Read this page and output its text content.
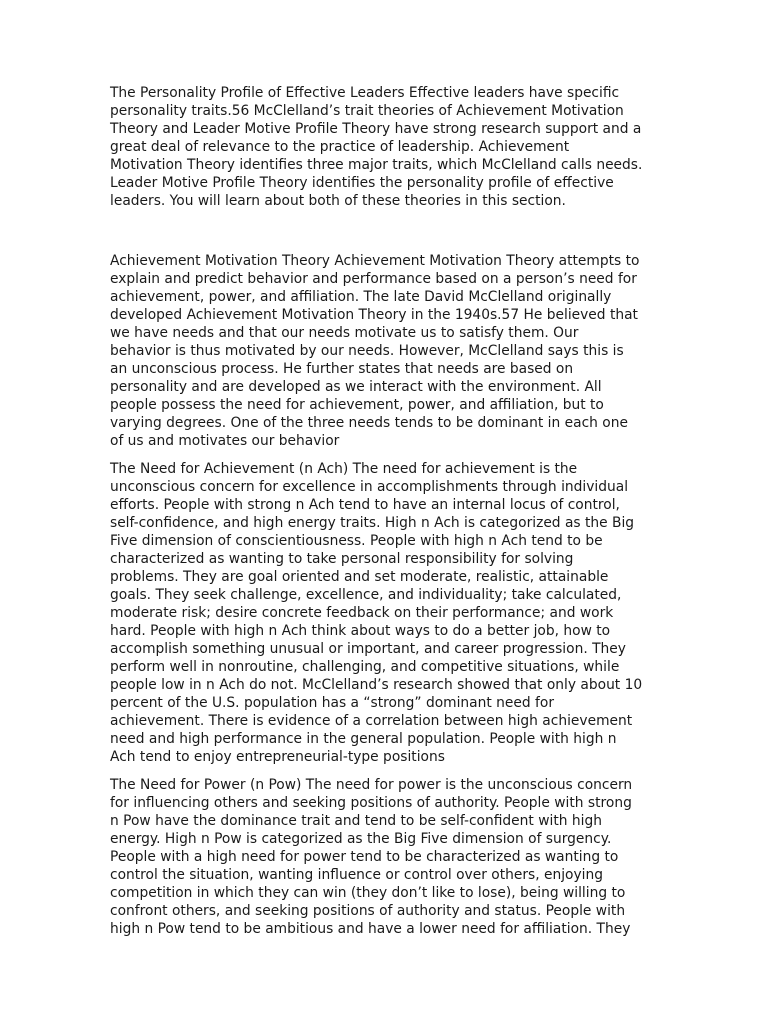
The Personality Profile of Effective Leaders Effective leaders have specific
personality traits.56 McClelland’s trait theories of Achievement Motivation
Theory and Leader Motive Profile Theory have strong research support and a
great deal of relevance to the practice of leadership. Achievement
Motivation Theory identifies three major traits, which McClelland calls needs.
Leader Motive Profile Theory identifies the personality profile of effective
leaders. You will learn about both of these theories in this section.

Achievement Motivation Theory Achievement Motivation Theory attempts to
explain and predict behavior and performance based on a person’s need for
achievement, power, and affiliation. The late David McClelland originally
developed Achievement Motivation Theory in the 1940s.57 He believed that
we have needs and that our needs motivate us to satisfy them. Our
behavior is thus motivated by our needs. However, McClelland says this is
an unconscious process. He further states that needs are based on
personality and are developed as we interact with the environment. All
people possess the need for achievement, power, and affiliation, but to
varying degrees. One of the three needs tends to be dominant in each one
of us and motivates our behavior

The Need for Achievement (n Ach) The need for achievement is the
unconscious concern for excellence in accomplishments through individual
efforts. People with strong n Ach tend to have an internal locus of control,
self-confidence, and high energy traits. High n Ach is categorized as the Big
Five dimension of conscientiousness. People with high n Ach tend to be
characterized as wanting to take personal responsibility for solving
problems. They are goal oriented and set moderate, realistic, attainable
goals. They seek challenge, excellence, and individuality; take calculated,
moderate risk; desire concrete feedback on their performance; and work
hard. People with high n Ach think about ways to do a better job, how to
accomplish something unusual or important, and career progression. They
perform well in nonroutine, challenging, and competitive situations, while
people low in n Ach do not. McClelland’s research showed that only about 10
percent of the U.S. population has a “strong” dominant need for
achievement. There is evidence of a correlation between high achievement
need and high performance in the general population. People with high n
Ach tend to enjoy entrepreneurial-type positions

The Need for Power (n Pow) The need for power is the unconscious concern
for influencing others and seeking positions of authority. People with strong
n Pow have the dominance trait and tend to be self-confident with high
energy. High n Pow is categorized as the Big Five dimension of surgency.
People with a high need for power tend to be characterized as wanting to
control the situation, wanting influence or control over others, enjoying
competition in which they can win (they don’t like to lose), being willing to
confront others, and seeking positions of authority and status. People with
high n Pow tend to be ambitious and have a lower need for affiliation. They
